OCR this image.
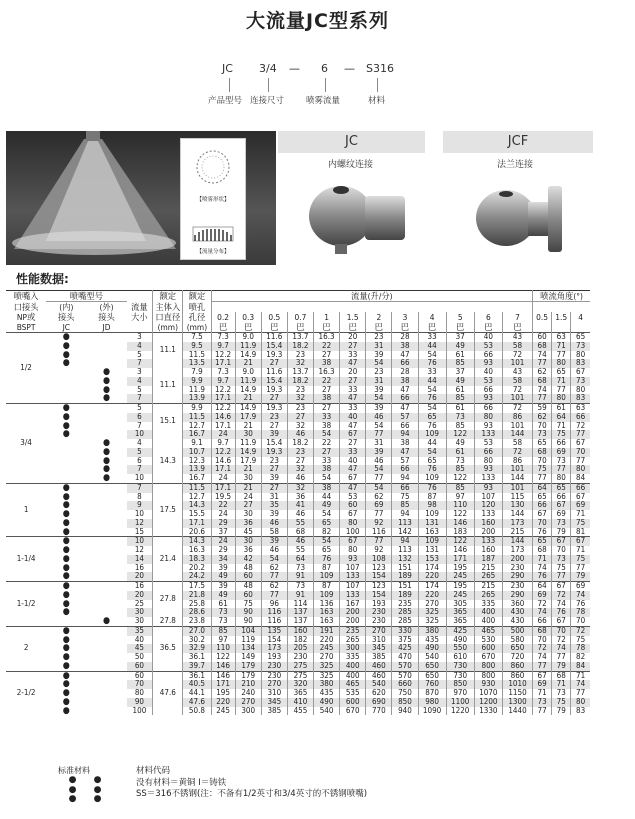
大流量JC型系列
JC 3/4 — 6 — S316
产品型号 连接尺寸	喷雾流量	材料
【喷雾形状】
【流量分布】
JC	JCF
内螺纹连接	法兰连接
性能数据:
喷嘴入	喷嘴型号			额定	额定	流量(升/分)												喷流角度(°)		
口接头	(内)	(外)	流量	主体入	喷孔															
NP或	接头	接头	大小	口直径	孔径	0.2	0.3	0.5	0.7	1	1.5	2	3	4	5	6	7	0.5	1.5	4
BSPT	JC	JD		(mm)	(mm)	巴	巴	巴	巴	巴	巴	巴	巴	巴	巴	巴	巴			
1/2	●		3	11.1	7.5	7.3	9.0	11.6	13.7	16.3	20	23	28	33	37	40	43	60	63	65
	●		4		9.5	9.7	11.9	15.4	18.2	22	27	31	38	44	49	53	58	68	71	73
	●		5		11.5	12.2	14.9	19.3	23	27	33	39	47	54	61	66	72	74	77	80
	●		7		13.5	17.1	21	27	32	38	47	54	66	76	85	93	101	77	80	83
		●	3	11.1	7.9	7.3	9.0	11.6	13.7	16.3	20	23	28	33	37	40	43	62	65	67
		●	4		9.9	9.7	11.9	15.4	18.2	22	27	31	38	44	49	53	58	68	71	73
		●	5		11.9	12.2	14.9	19.3	23	27	33	39	47	54	61	66	72	74	77	80
		●	7		13.9	17.1	21	27	32	38	47	54	66	76	85	93	101	77	80	83
3/4	●		5	15.1	9.9	12.2	14.9	19.3	23	27	33	39	47	54	61	66	72	59	61	63
	●		6		11.5	14.6	17.9	23	27	33	40	46	57	65	73	80	86	62	64	66
	●		7		12.7	17.1	21	27	32	38	47	54	66	76	85	93	101	70	71	72
	●		10		16.7	24	30	39	46	54	67	77	94	109	122	133	144	73	75	77
		●	4	14.3	9.1	9.7	11.9	15.4	18.2	22	27	31	38	44	49	53	58	65	66	67
		●	5		10.7	12.2	14.9	19.3	23	27	33	39	47	54	61	66	72	68	69	70
		●	6		12.3	14.6	17.9	23	27	33	40	46	57	65	73	80	86	70	73	77
		●	7		13.9	17.1	21	27	32	38	47	54	66	76	85	93	101	75	77	80
		●	10		16.7	24	30	39	46	54	67	77	94	109	122	133	144	77	80	84
1	●		7	17.5	11.5	17.1	21	27	32	38	47	54	66	76	85	93	101	64	65	66
	●		8		12.7	19.5	24	31	36	44	53	62	75	87	97	107	115	65	66	67
	●		9		14.3	22	27	35	41	49	60	69	85	98	110	120	130	66	67	69
	●		10		15.5	24	30	39	46	54	67	77	94	109	122	133	144	67	69	71
	●		12		17.1	29	36	46	55	65	80	92	113	131	146	160	173	70	73	75
	●		15		20.6	37	45	58	68	82	100	116	142	163	183	200	215	76	79	81
1-1/4	●		10	21.4	14.3	24	30	39	46	54	67	77	94	109	122	133	144	65	67	67
	●		12		16.3	29	36	46	55	65	80	92	113	131	146	160	173	68	70	71
	●		14		18.3	34	42	54	64	76	93	108	132	153	171	187	200	71	73	75
	●		16		20.2	39	48	62	73	87	107	123	151	174	195	215	230	74	75	77
	●		20		24.2	49	60	77	91	109	133	154	189	220	245	265	290	76	77	79
1-1/2	●		16	27.8	17.5	39	48	62	73	87	107	123	151	174	195	215	230	64	67	69
	●		20		21.8	49	60	77	91	109	133	154	189	220	245	265	290	69	72	74
	●		25		25.8	61	75	96	114	136	167	193	235	270	305	335	360	72	74	76
	●		30		28.6	73	90	116	137	163	200	230	285	325	365	400	430	74	76	78
		●	30	27.8	23.8	73	90	116	137	163	200	230	285	325	365	400	430	66	67	70
2	●		35	36.5	27.0	85	104	135	160	191	235	270	330	380	425	465	500	68	70	72
	●		40		30.2	97	119	154	182	220	265	310	375	435	490	530	580	70	72	75
	●		45		32.9	110	134	173	205	245	300	345	425	490	550	600	650	72	74	78
	●		50		36.1	122	149	193	230	270	335	385	470	540	610	670	720	74	77	82
	●		60		39.7	146	179	230	275	325	400	460	570	650	730	800	860	77	79	84
2-1/2	●		60	47.6	36.1	146	179	230	275	325	400	460	570	650	730	800	860	67	68	71
	●		70		40.5	171	210	270	320	380	465	540	660	760	850	930	1010	69	71	74
	●		80		44.1	195	240	310	365	435	535	620	750	870	970	1070	1150	71	73	77
	●		90		47.6	220	270	345	410	490	600	690	850	980	1100	1200	1300	73	75	80
	●		100		50.8	245	300	385	455	540	670	770	940	1090	1220	1330	1440	77	79	83
标准材料
●      ●
●      ●
●      ●
材料代码
没有材料＝黄铜 I＝铸铁
SS＝316不锈钢(注：不备有1/2英寸和3/4英寸的不锈钢喷嘴)
